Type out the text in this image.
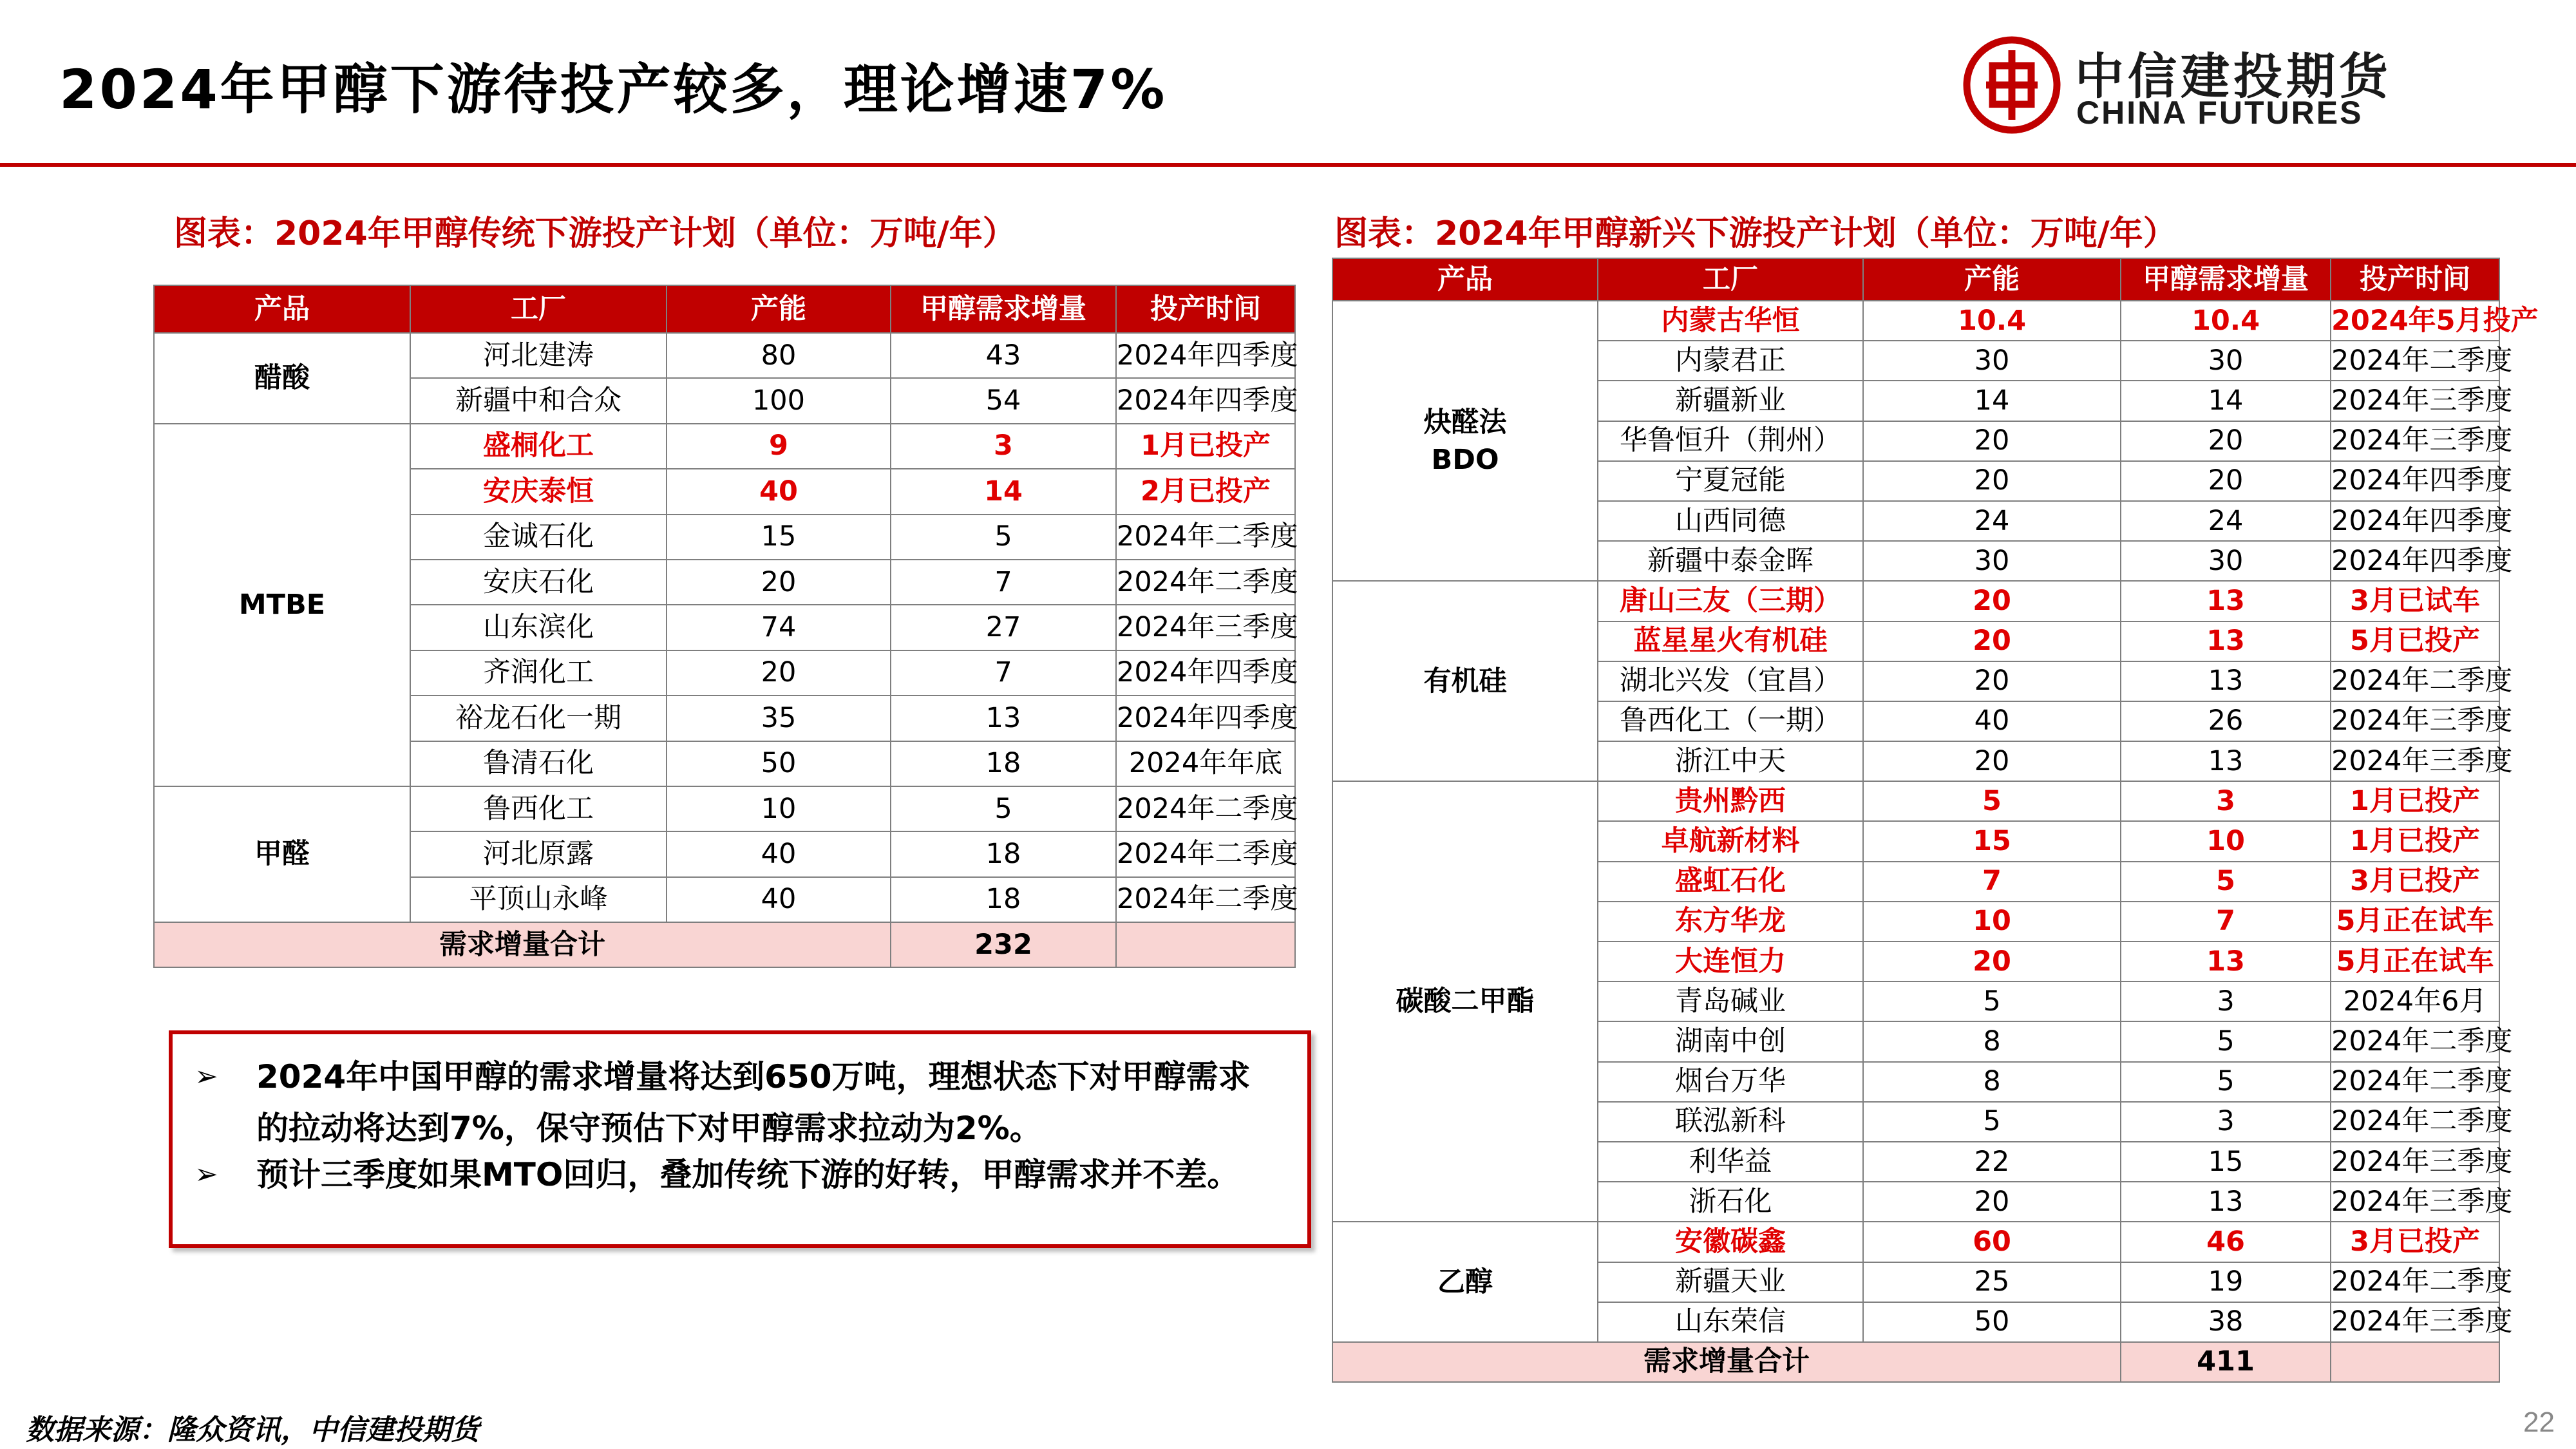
2024年甲醇下游待投产较多，理论增速7%	中信建投期货
CHINA FUTURES
图表：2024年甲醇传统下游投产计划（单位：万吨/年）
产品	工厂	产能	甲醇需求增量	投产时间
醋酸	河北建涛	80	43	2024年四季度
	新疆中和合众	100	54	2024年四季度
MTBE	盛桐化工	9	3	1月已投产
	安庆泰恒	40	14	2月已投产
	金诚石化	15	5	2024年二季度
	安庆石化	20	7	2024年二季度
	山东滨化	74	27	2024年三季度
	齐润化工	20	7	2024年四季度
	裕龙石化一期	35	13	2024年四季度
	鲁清石化	50	18	2024年年底
甲醛	鲁西化工	10	5	2024年二季度
	河北原露	40	18	2024年二季度
	平顶山永峰	40	18	2024年二季度
需求增量合计			232	
➢ 2024年中国甲醇的需求增量将达到650万吨，理想状态下对甲醇需求的拉动将达到7%，保守预估下对甲醇需求拉动为2%。
➢ 预计三季度如果MTO回归，叠加传统下游的好转，甲醇需求并不差。
图表：2024年甲醇新兴下游投产计划（单位：万吨/年）
产品	工厂	产能	甲醇需求增量	投产时间
炔醛法
BDO	内蒙古华恒	10.4	10.4	2024年5月投产
	内蒙君正	30	30	2024年二季度
	新疆新业	14	14	2024年三季度
	华鲁恒升（荆州）	20	20	2024年三季度
	宁夏冠能	20	20	2024年四季度
	山西同德	24	24	2024年四季度
	新疆中泰金晖	30	30	2024年四季度
有机硅	唐山三友（三期）	20	13	3月已试车
	蓝星星火有机硅	20	13	5月已投产
	湖北兴发（宜昌）	20	13	2024年二季度
	鲁西化工（一期）	40	26	2024年三季度
	浙江中天	20	13	2024年三季度
碳酸二甲酯	贵州黔西	5	3	1月已投产
	卓航新材料	15	10	1月已投产
	盛虹石化	7	5	3月已投产
	东方华龙	10	7	5月正在试车
	大连恒力	20	13	5月正在试车
	青岛碱业	5	3	2024年6月
	湖南中创	8	5	2024年二季度
	烟台万华	8	5	2024年二季度
	联泓新科	5	3	2024年二季度
	利华益	22	15	2024年三季度
	浙石化	20	13	2024年三季度
乙醇	安徽碳鑫	60	46	3月已投产
	新疆天业	25	19	2024年二季度
	山东荣信	50	38	2024年三季度
需求增量合计			411	
数据来源：隆众资讯，中信建投期货	22
